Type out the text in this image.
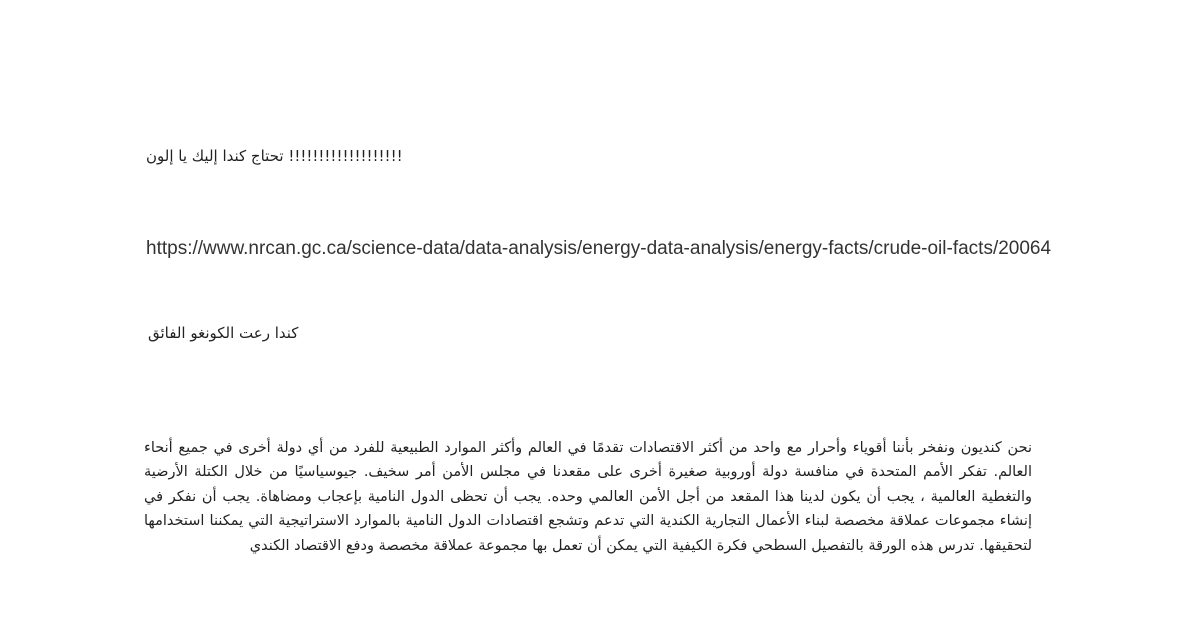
!!!!!!!!!!!!!!!!!!! تحتاج كندا إليك يا إلون
https://www.nrcan.gc.ca/science-data/data-analysis/energy-data-analysis/energy-facts/crude-oil-facts/20064
كندا رعت الكونغو الفائق

نحن كنديون ونفخر بأننا أقوياء وأحرار مع واحد من أكثر الاقتصادات تقدمًا في العالم وأكثر الموارد الطبيعية للفرد من أي دولة أخرى في جميع أنحاء العالم. تفكر الأمم المتحدة في منافسة دولة أوروبية صغيرة أخرى على مقعدنا في مجلس الأمن أمر سخيف. جيوسياسيًا من خلال الكتلة الأرضية والتغطية العالمية ، يجب أن يكون لدينا هذا المقعد من أجل الأمن العالمي وحده. يجب أن تحظى الدول النامية بإعجاب ومضاهاة. يجب أن نفكر في إنشاء مجموعات عملاقة مخصصة لبناء الأعمال التجارية الكندية التي تدعم وتشجع اقتصادات الدول النامية بالموارد الاستراتيجية التي يمكننا استخدامها لتحقيقها. تدرس هذه الورقة بالتفصيل السطحي فكرة الكيفية التي يمكن أن تعمل بها مجموعة عملاقة مخصصة ودفع الاقتصاد الكندي
